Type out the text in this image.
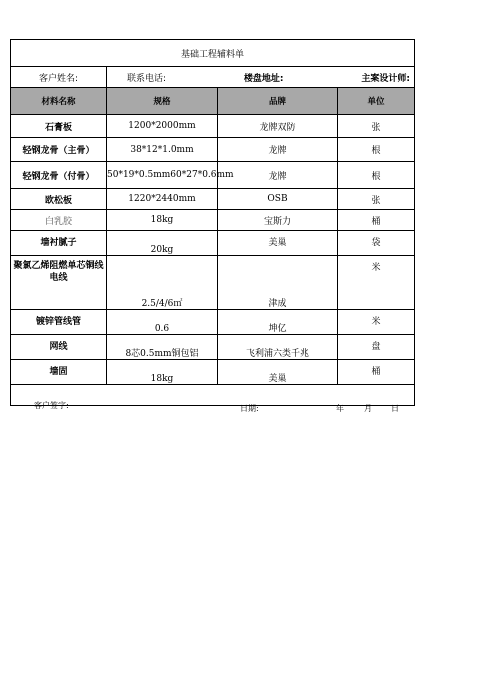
基础工程辅料单			
客户姓名:	联系电话: 楼盘地址: 主案设计师:		

材料名称	规格	品牌	单位
石膏板	1200*2000mm	龙牌双防	张
轻钢龙骨（主骨）	38*12*1.0mm	龙牌	根
轻钢龙骨（付骨）	50*19*0.5mm60*27*0.6mm	龙牌	根
欧松板	1220*2440mm	OSB	张
白乳胶	18kg	宝斯力	桶
墙衬腻子	20kg	美巢	袋
聚氯乙烯阻燃单芯铜线电线	2.5/4/6㎡	津成	米
镀锌管线管	0.6	坤亿	米
网线	8芯0.5mm铜包铝	飞利浦六类千兆	盘
墙固	18kg	美巢	桶

客户签字:	日期:	年	月 日
